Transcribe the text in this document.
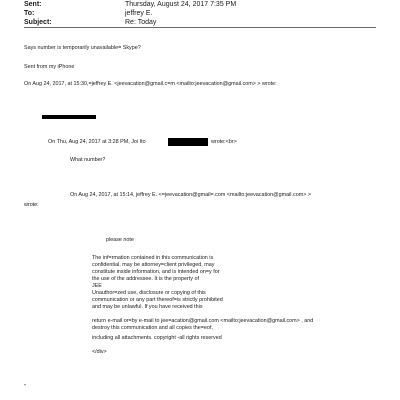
Sent:	Thursday, August 24, 2017 7:35 PM
To:	jeffrey E.
Subject:	Re: Today
Says number is temporarily unavailable= Skype?
Sent from my iPhone
On Aug 24, 2017, at 15:30,=jeffrey E. <jeevacation@gmail.c=m <mailto:jeevacation@gmail.com> > wrote:
On Thu, Aug 24, 2017 at 3:28 PM, Joi Ito	wrote:<br>
What number?
On Aug 24, 2017, at 15:14, jeffrey E. <=jeevacation@gmail=.com <mailto:jeevacation@gmail.com> >
wrote:
please note
The inf=rmation contained in this communication is
confidential, may be attorney=client privileged, may
constitute inside information, and is intended on=y for
the use of the addressee. It is the property of
JEE
Unauthor=zed use, disclosure or copying of this
communication or any part thereof=is strictly prohibited
and may be unlawful. If you have received this
return e-mail or=by e-mail to jee=acation@gmail.com <mailto:jeevacation@gmail.com> , and
destroy this communication and all copies the=eof,
including all attachments. copyright -all rights reserved
</div>
"
